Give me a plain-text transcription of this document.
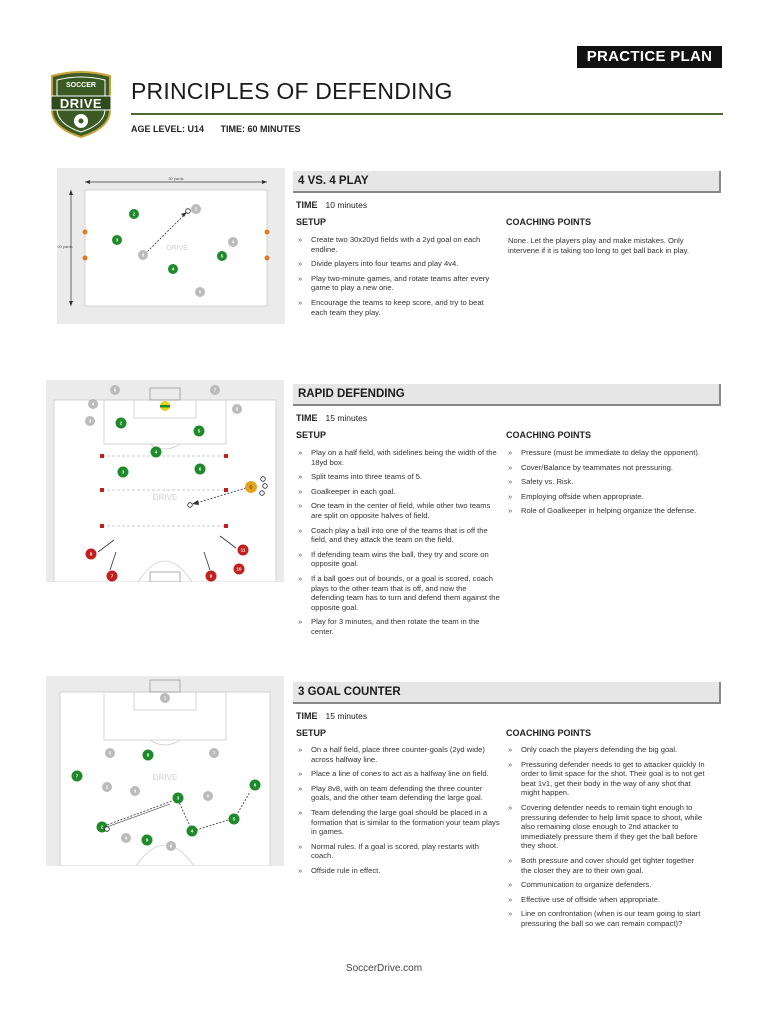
PRACTICE PLAN
SOCCER
DRIVE	PRINCIPLES OF DEFENDING
AGE LEVEL: U14 TIME: 60 MINUTES
30 yards
20 yards	DRIVE
2
3
4
5
2
3
4
5
4 VS. 4 PLAY
TIME 10 minutes
SETUP	COACHING POINTS
» Create two 30x20yd fields with a 2yd goal on each endline.
» Divide players into four teams and play 4v4.
» Play two-minute games, and rotate teams after every game to play a new one.
» Encourage the teams to keep score, and try to beat each team they play.
None. Let the players play and make mistakes. Only intervene if it is taking too long to get ball back in play.
DRIVE
6	7
4
3
8
2
5
4
3
6
C
8
7
11
10
9
RAPID DEFENDING
TIME 15 minutes
SETUP	COACHING POINTS
» Play on a half field, with sidelines being the width of the 18yd box.
» Split teams into three teams of 5.
» Goalkeeper in each goal.
» One team in the center of field, while other two teams are split on opposite halves of field.
» Coach play a ball into one of the teams that is off the field, and they attack the team on the field.
» If defending team wins the ball, they try and score on opposite goal.
» If a ball goes out of bounds, or a goal is scored, coach plays to the other team that is off, and now the defending team has to turn and defend them against the opposite goal.
» Play for 3 minutes, and then rotate the team in the center.
» Pressure (must be immediate to delay the opponent).
» Cover/Balance by teammates not pressuring.
» Safety vs. Risk.
» Employing offside when appropriate.
» Role of Goalkeeper in helping organize the defense.
DRIVE
1
5	7
2
3
6
4
8
8
7
3
2
9
4
5
6
3 GOAL COUNTER
TIME 15 minutes
SETUP	COACHING POINTS
» On a half field, place three counter-goals (2yd wide) across halfway line.
» Place a line of cones to act as a halfway line on field.
» Play 8v8, with on team defending the three counter goals, and the other team defending the large goal.
» Team defending the large goal should be placed in a formation that is similar to the formation your team plays in games.
» Normal rules. If a goal is scored, play restarts with coach.
» Offside rule in effect.
» Only coach the players defending the big goal.
» Pressuring defender needs to get to attacker quickly In order to limit space for the shot. Their goal is to not get beat 1v1, get their body in the way of any shot that might happen.
» Covering defender needs to remain tight enough to pressuring defender to help limit space to shoot, while also remaining close enough to 2nd attacker to immediately pressure them if they get the ball before they shoot.
» Both pressure and cover should get tighter together the closer they are to their own goal.
» Communication to organize defenders.
» Effective use of offside when appropriate.
» Line on confrontation (when is our team going to start pressuring the ball so we can remain compact)?
SoccerDrive.com
